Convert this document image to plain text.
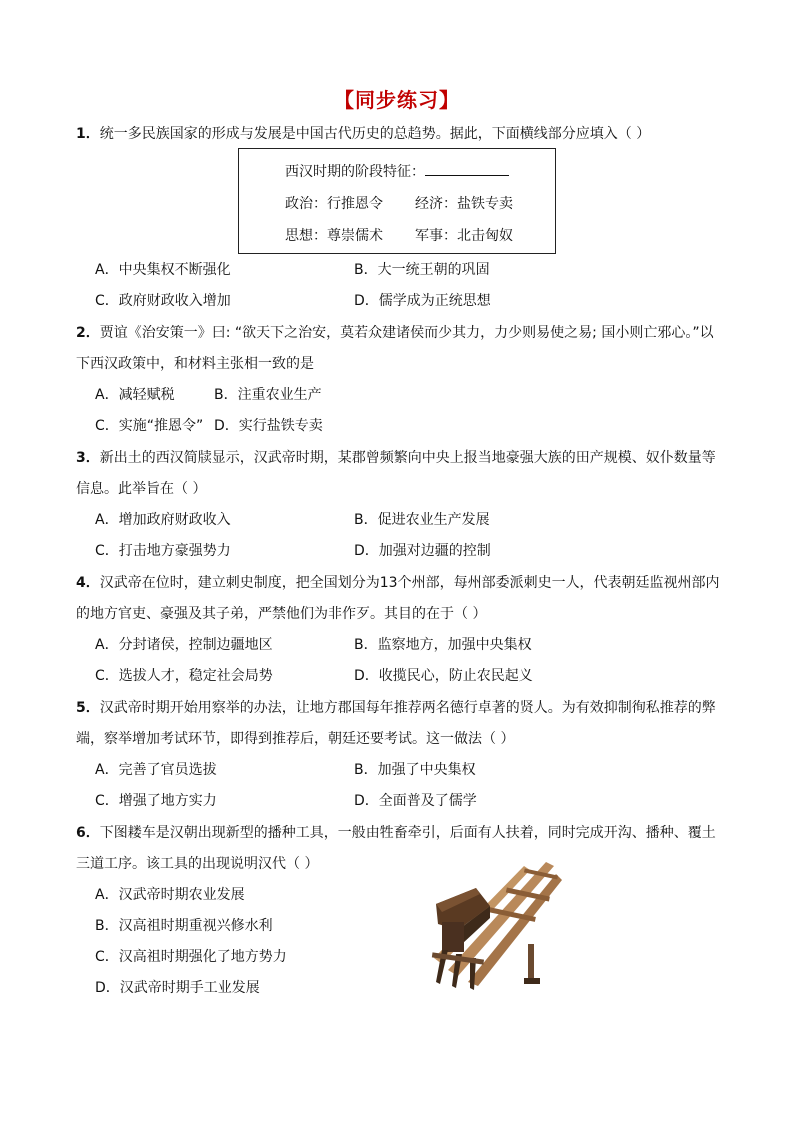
【同步练习】
1．统一多民族国家的形成与发展是中国古代历史的总趋势。据此，下面横线部分应填入（ ）
西汉时期的阶段特征：
政治：行推恩令 经济：盐铁专卖
思想：尊崇儒术 军事：北击匈奴
A．中央集权不断强化	B．大一统王朝的巩固
C．政府财政收入增加	D．儒学成为正统思想
2．贾谊《治安策一》曰: “欲天下之治安，莫若众建诸侯而少其力，力少则易使之易; 国小则亡邪心。”以
下西汉政策中，和材料主张相一致的是
A．减轻赋税	B．注重农业生产
C．实施“推恩令” D．实行盐铁专卖
3．新出土的西汉简牍显示，汉武帝时期，某郡曾频繁向中央上报当地豪强大族的田产规模、奴仆数量等
信息。此举旨在（ ）
A．增加政府财政收入	B．促进农业生产发展
C．打击地方豪强势力	D．加强对边疆的控制
4．汉武帝在位时，建立刺史制度，把全国划分为13个州部，每州部委派刺史一人，代表朝廷监视州部内
的地方官吏、豪强及其子弟，严禁他们为非作歹。其目的在于（ ）
A．分封诸侯，控制边疆地区	B．监察地方，加强中央集权
C．选拔人才，稳定社会局势	D．收揽民心，防止农民起义
5．汉武帝时期开始用察举的办法，让地方郡国每年推荐两名德行卓著的贤人。为有效抑制徇私推荐的弊
端，察举增加考试环节，即得到推荐后，朝廷还要考试。这一做法（ ）
A．完善了官员选拔	B．加强了中央集权
C．增强了地方实力	D．全面普及了儒学
6．下图耧车是汉朝出现新型的播种工具，一般由牲畜牵引，后面有人扶着，同时完成开沟、播种、覆土
三道工序。该工具的出现说明汉代（ ）
A．汉武帝时期农业发展
B．汉高祖时期重视兴修水利
C．汉高祖时期强化了地方势力
D．汉武帝时期手工业发展
